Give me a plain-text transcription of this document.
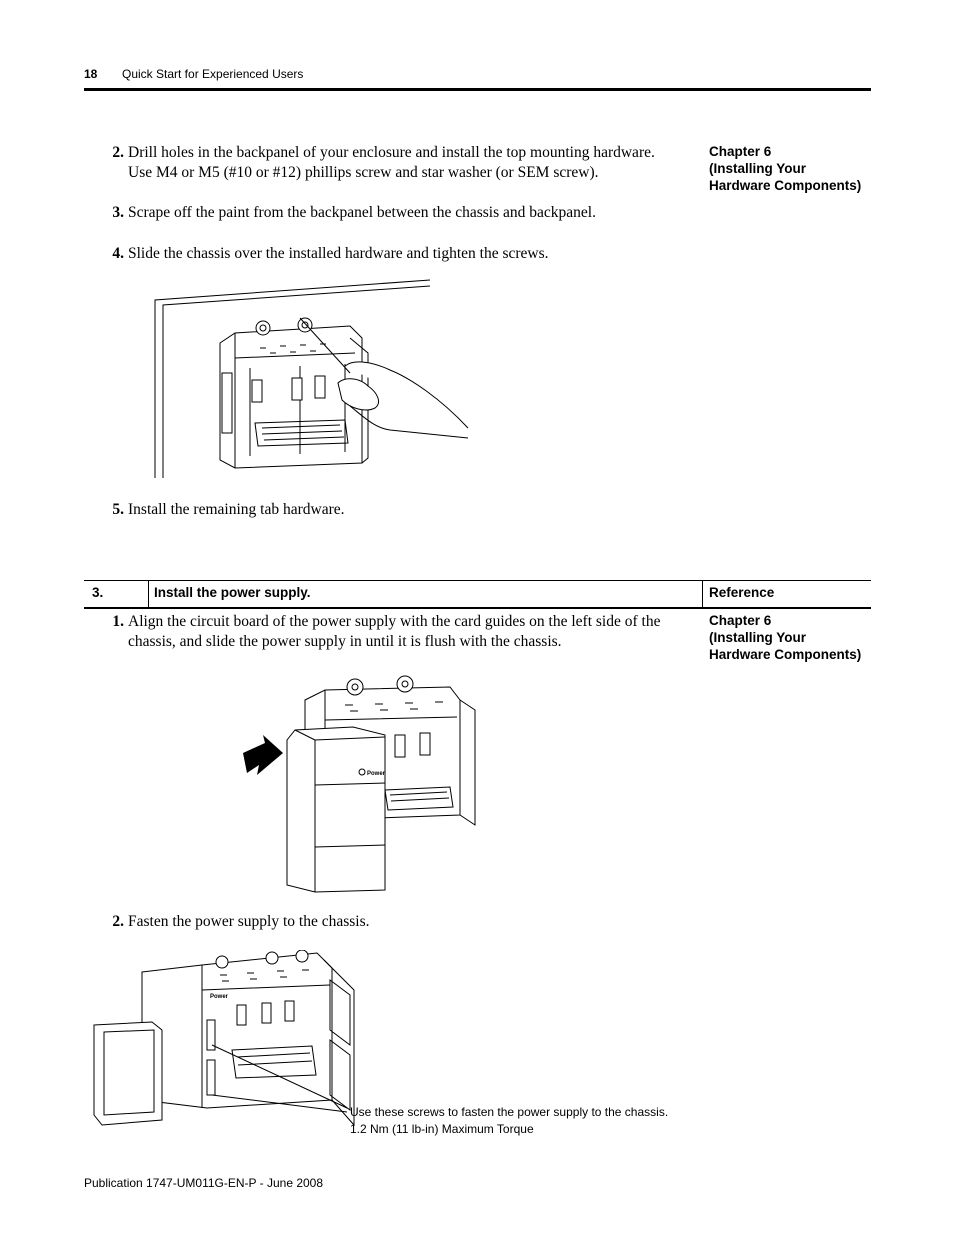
18 Quick Start for Experienced Users
2. Drill holes in the backpanel of your enclosure and install the top mounting hardware.
Use M4 or M5 (#10 or #12) phillips screw and star washer (or SEM screw).
Chapter 6
(Installing Your
Hardware Components)
3. Scrape off the paint from the backpanel between the chassis and backpanel.
4. Slide the chassis over the installed hardware and tighten the screws.
5. Install the remaining tab hardware.
3.	Install the power supply.	Reference
1. Align the circuit board of the power supply with the card guides on the left side of the
chassis, and slide the power supply in until it is flush with the chassis.
Chapter 6
(Installing Your
Hardware Components)
Power
2. Fasten the power supply to the chassis.
Power
Use these screws to fasten the power supply to the chassis.
1.2 Nm (11 lb-in) Maximum Torque
Publication 1747-UM011G-EN-P - June 2008
